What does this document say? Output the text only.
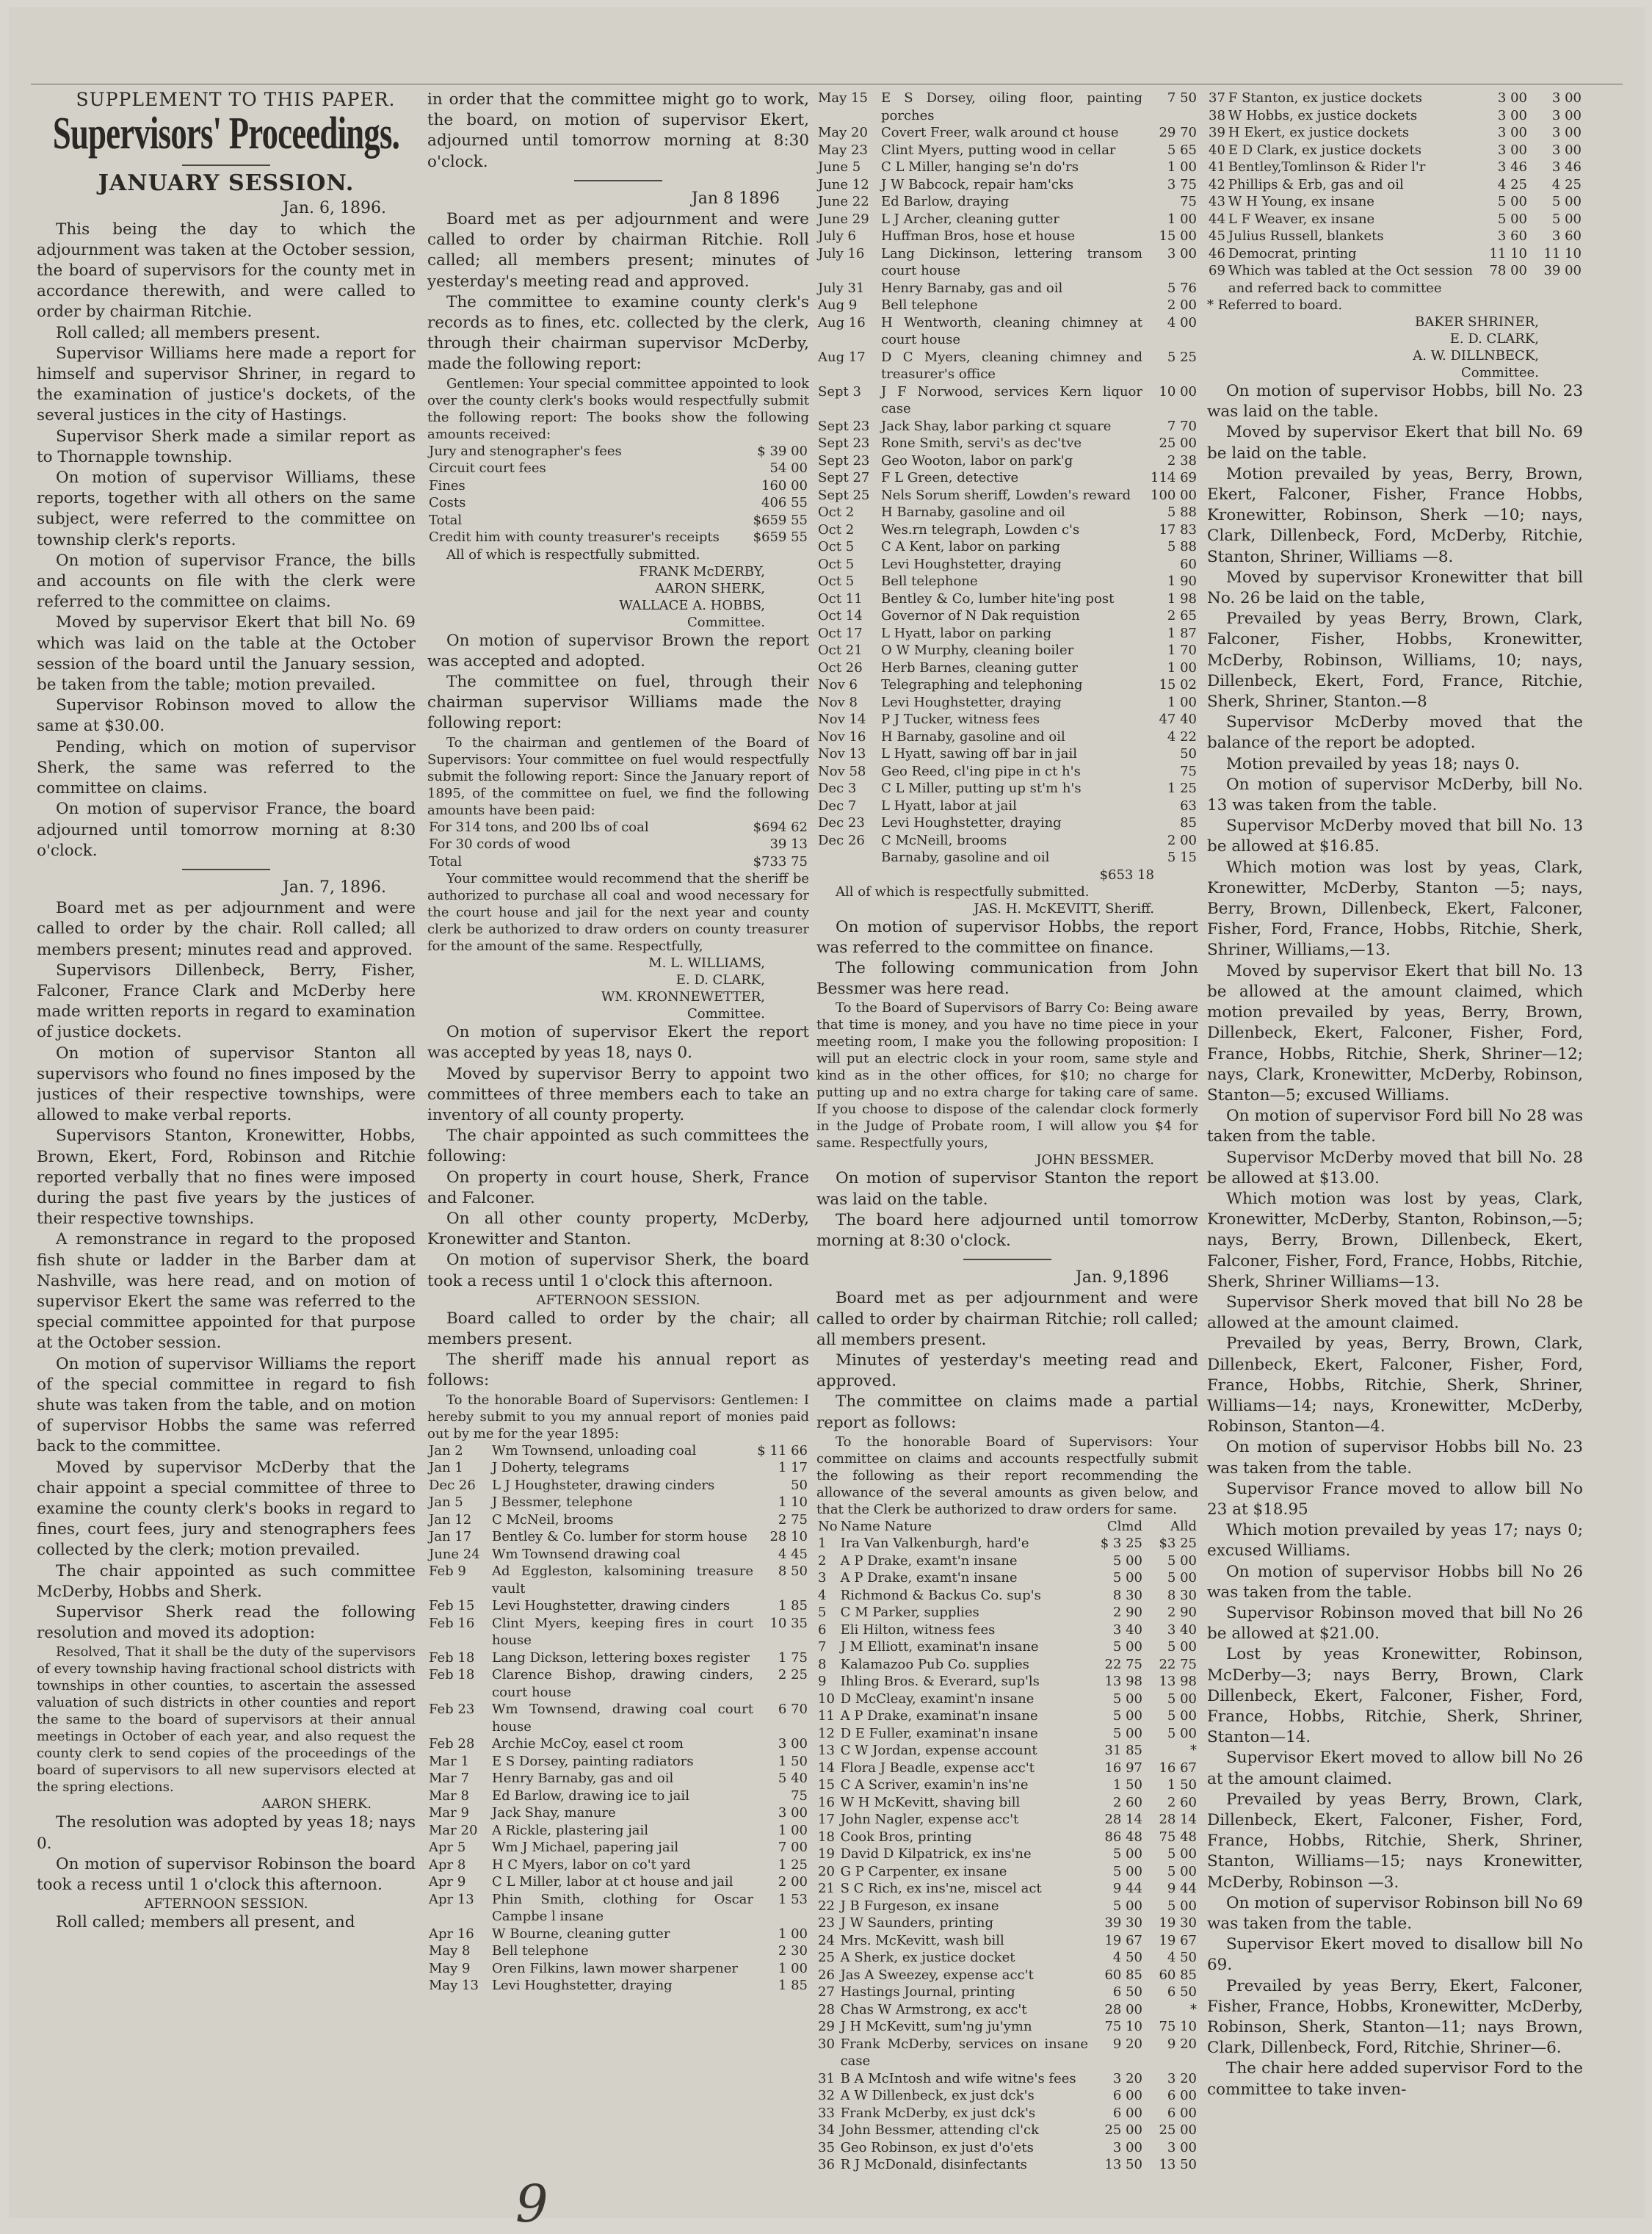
SUPPLEMENT TO THIS PAPER.

Supervisors' Proceedings.
JANUARY SESSION.

Jan. 6, 1896.

This being the day to which the adjournment was taken at the October session, the board of supervisors for the county met in accordance therewith, and were called to order by chairman Ritchie.

Roll called; all members present.

Supervisor Williams here made a report for himself and supervisor Shriner, in regard to the examination of justice's dockets, of the several justices in the city of Hastings.

Supervisor Sherk made a similar report as to Thornapple township.

On motion of supervisor Williams, these reports, together with all others on the same subject, were referred to the committee on township clerk's reports.

On motion of supervisor France, the bills and accounts on file with the clerk were referred to the committee on claims.

Moved by supervisor Ekert that bill No. 69 which was laid on the table at the October session of the board until the January session, be taken from the table; motion prevailed.

Supervisor Robinson moved to allow the same at $30.00.

Pending, which on motion of supervisor Sherk, the same was referred to the committee on claims.

On motion of supervisor France, the board adjourned until tomorrow morning at 8:30 o'clock.

Jan. 7, 1896.

Board met as per adjournment and were called to order by the chair. Roll called; all members present; minutes read and approved.

Supervisors Dillenbeck, Berry, Fisher, Falconer, France Clark and McDerby here made written reports in regard to examination of justice dockets.

On motion of supervisor Stanton all supervisors who found no fines imposed by the justices of their respective townships, were allowed to make verbal reports.

Supervisors Stanton, Kronewitter, Hobbs, Brown, Ekert, Ford, Robinson and Ritchie reported verbally that no fines were imposed during the past five years by the justices of their respective townships.

A remonstrance in regard to the proposed fish shute or ladder in the Barber dam at Nashville, was here read, and on motion of supervisor Ekert the same was referred to the special committee appointed for that purpose at the October session.

On motion of supervisor Williams the report of the special committee in regard to fish shute was taken from the table, and on motion of supervisor Hobbs the same was referred back to the committee.

Moved by supervisor McDerby that the chair appoint a special committee of three to examine the county clerk's books in regard to fines, court fees, jury and stenographers fees collected by the clerk; motion prevailed.

The chair appointed as such committee McDerby, Hobbs and Sherk.

Supervisor Sherk read the following resolution and moved its adoption:

Resolved, That it shall be the duty of the supervisors of every township having fractional school districts with townships in other counties, to ascertain the assessed valuation of such districts in other counties and report the same to the board of supervisors at their annual meetings in October of each year, and also request the county clerk to send copies of the proceedings of the board of supervisors to all new supervisors elected at the spring elections.

AARON SHERK.

The resolution was adopted by yeas 18; nays 0.

On motion of supervisor Robinson the board took a recess until 1 o'clock this afternoon.

AFTERNOON SESSION.

Roll called; members all present, and

in order that the committee might go to work, the board, on motion of supervisor Ekert, adjourned until tomorrow morning at 8:30 o'clock.

Jan 8 1896

Board met as per adjournment and were called to order by chairman Ritchie. Roll called; all members present; minutes of yesterday's meeting read and approved.

The committee to examine county clerk's records as to fines, etc. collected by the clerk, through their chairman supervisor McDerby, made the following report:

Gentlemen: Your special committee appointed to look over the county clerk's books would respectfully submit the following report: The books show the following amounts received:

Jury and stenographer's fees	$ 39 00
Circuit court fees	54 00
Fines	160 00
Costs	406 55
Total	$659 55
Credit him with county treasurer's receipts	$659 55

All of which is respectfully submitted.

FRANK McDERBY,

AARON SHERK,

WALLACE A. HOBBS,

Committee.

On motion of supervisor Brown the report was accepted and adopted.

The committee on fuel, through their chairman supervisor Williams made the following report:

To the chairman and gentlemen of the Board of Supervisors: Your committee on fuel would respectfully submit the following report: Since the January report of 1895, of the committee on fuel, we find the following amounts have been paid:

For 314 tons, and 200 lbs of coal	$694 62
For 30 cords of wood	39 13
Total	$733 75

Your committee would recommend that the sheriff be authorized to purchase all coal and wood necessary for the court house and jail for the next year and county clerk be authorized to draw orders on county treasurer for the amount of the same. Respectfully,

M. L. WILLIAMS,

E. D. CLARK,

WM. KRONNEWETTER,

Committee.

On motion of supervisor Ekert the report was accepted by yeas 18, nays 0.

Moved by supervisor Berry to appoint two committees of three members each to take an inventory of all county property.

The chair appointed as such committees the following:

On property in court house, Sherk, France and Falconer.

On all other county property, McDerby, Kronewitter and Stanton.

On motion of supervisor Sherk, the board took a recess until 1 o'clock this afternoon.

AFTERNOON SESSION.

Board called to order by the chair; all members present.

The sheriff made his annual report as follows:

To the honorable Board of Supervisors: Gentlemen: I hereby submit to you my annual report of monies paid out by me for the year 1895:

Jan 2	Wm Townsend, unloading coal	$ 11 66
Jan 1	J Doherty, telegrams	1 17
Dec 26	L J Houghsteter, drawing cinders	50
Jan 5	J Bessmer, telephone	1 10
Jan 12	C McNeil, brooms	2 75
Jan 17	Bentley & Co. lumber for storm house	28 10
June 24	Wm Townsend drawing coal	4 45
Feb 9	Ad Eggleston, kalsomining treasure vault	8 50
Feb 15	Levi Houghstetter, drawing cinders	1 85
Feb 16	Clint Myers, keeping fires in court house	10 35
Feb 18	Lang Dickson, lettering boxes register	1 75
Feb 18	Clarence Bishop, drawing cinders, court house	2 25
Feb 23	Wm Townsend, drawing coal court house	6 70
Feb 28	Archie McCoy, easel ct room	3 00
Mar 1	E S Dorsey, painting radiators	1 50
Mar 7	Henry Barnaby, gas and oil	5 40
Mar 8	Ed Barlow, drawing ice to jail	75
Mar 9	Jack Shay, manure	3 00
Mar 20	A Rickle, plastering jail	1 00
Apr 5	Wm J Michael, papering jail	7 00
Apr 8	H C Myers, labor on co't yard	1 25
Apr 9	C L Miller, labor at ct house and jail	2 00
Apr 13	Phin Smith, clothing for Oscar Campbe l insane	1 53
Apr 16	W Bourne, cleaning gutter	1 00
May 8	Bell telephone	2 30
May 9	Oren Filkins, lawn mower sharpener	1 00
May 13	Levi Houghstetter, draying	1 85
May 15	E S Dorsey, oiling floor, painting porches	7 50
May 20	Covert Freer, walk around ct house	29 70
May 23	Clint Myers, putting wood in cellar	5 65
June 5	C L Miller, hanging se'n do'rs	1 00
June 12	J W Babcock, repair ham'cks	3 75
June 22	Ed Barlow, draying	75
June 29	L J Archer, cleaning gutter	1 00
July 6	Huffman Bros, hose et house	15 00
July 16	Lang Dickinson, lettering transom court house	3 00
July 31	Henry Barnaby, gas and oil	5 76
Aug 9	Bell telephone	2 00
Aug 16	H Wentworth, cleaning chimney at court house	4 00
Aug 17	D C Myers, cleaning chimney and treasurer's office	5 25
Sept 3	J F Norwood, services Kern liquor case	10 00
Sept 23	Jack Shay, labor parking ct square	7 70
Sept 23	Rone Smith, servi's as dec'tve	25 00
Sept 23	Geo Wooton, labor on park'g	2 38
Sept 27	F L Green, detective	114 69
Sept 25	Nels Sorum sheriff, Lowden's reward	100 00
Oct 2	H Barnaby, gasoline and oil	5 88
Oct 2	Wes.rn telegraph, Lowden c's	17 83
Oct 5	C A Kent, labor on parking	5 88
Oct 5	Levi Houghstetter, draying	60
Oct 5	Bell telephone	1 90
Oct 11	Bentley & Co, lumber hite'ing post	1 98
Oct 14	Governor of N Dak requistion	2 65
Oct 17	L Hyatt, labor on parking	1 87
Oct 21	O W Murphy, cleaning boiler	1 70
Oct 26	Herb Barnes, cleaning gutter	1 00
Nov 6	Telegraphing and telephoning	15 02
Nov 8	Levi Houghstetter, draying	1 00
Nov 14	P J Tucker, witness fees	47 40
Nov 16	H Barnaby, gasoline and oil	4 22
Nov 13	L Hyatt, sawing off bar in jail	50
Nov 58	Geo Reed, cl'ing pipe in ct h's	75
Dec 3	C L Miller, putting up st'm h's	1 25
Dec 7	L Hyatt, labor at jail	63
Dec 23	Levi Houghstetter, draying	85
Dec 26	C McNeill, brooms	2 00
	Barnaby, gasoline and oil	5 15

$653 18

All of which is respectfully submitted.

JAS. H. McKEVITT, Sheriff.

On motion of supervisor Hobbs, the report was referred to the committee on finance.

The following communication from John Bessmer was here read.

To the Board of Supervisors of Barry Co: Being aware that time is money, and you have no time piece in your meeting room, I make you the following proposition: I will put an electric clock in your room, same style and kind as in the other offices, for $10; no charge for putting up and no extra charge for taking care of same. If you choose to dispose of the calendar clock formerly in the Judge of Probate room, I will allow you $4 for same. Respectfully yours,

JOHN BESSMER.

On motion of supervisor Stanton the report was laid on the table.

The board here adjourned until tomorrow morning at 8:30 o'clock.

Jan. 9,1896

Board met as per adjournment and were called to order by chairman Ritchie; roll called; all members present.

Minutes of yesterday's meeting read and approved.

The committee on claims made a partial report as follows:

To the honorable Board of Supervisors: Your committee on claims and accounts respectfully submit the following as their report recommending the allowance of the several amounts as given below, and that the Clerk be authorized to draw orders for same.

No	Name Nature	Clmd	Alld
1	Ira Van Valkenburgh, hard'e	$ 3 25	$3 25
2	A P Drake, examt'n insane	5 00	5 00
3	A P Drake, examt'n insane	5 00	5 00
4	Richmond & Backus Co. sup's	8 30	8 30
5	C M Parker, supplies	2 90	2 90
6	Eli Hilton, witness fees	3 40	3 40
7	J M Elliott, examinat'n insane	5 00	5 00
8	Kalamazoo Pub Co. supplies	22 75	22 75
9	Ihling Bros. & Everard, sup'ls	13 98	13 98
10	D McCleay, examint'n insane	5 00	5 00
11	A P Drake, examinat'n insane	5 00	5 00
12	D E Fuller, examinat'n insane	5 00	5 00
13	C W Jordan, expense account	31 85	*
14	Flora J Beadle, expense acc't	16 97	16 67
15	C A Scriver, examin'n ins'ne	1 50	1 50
16	W H McKevitt, shaving bill	2 60	2 60
17	John Nagler, expense acc't	28 14	28 14
18	Cook Bros, printing	86 48	75 48
19	David D Kilpatrick, ex ins'ne	5 00	5 00
20	G P Carpenter, ex insane	5 00	5 00
21	S C Rich, ex ins'ne, miscel act	9 44	9 44
22	J B Furgeson, ex insane	5 00	5 00
23	J W Saunders, printing	39 30	19 30
24	Mrs. McKevitt, wash bill	19 67	19 67
25	A Sherk, ex justice docket	4 50	4 50
26	Jas A Sweezey, expense acc't	60 85	60 85
27	Hastings Journal, printing	6 50	6 50
28	Chas W Armstrong, ex acc't	28 00	*
29	J H McKevitt, sum'ng ju'ymn	75 10	75 10
30	Frank McDerby, services on insane case	9 20	9 20
31	B A McIntosh and wife witne's fees	3 20	3 20
32	A W Dillenbeck, ex just dck's	6 00	6 00
33	Frank McDerby, ex just dck's	6 00	6 00
34	John Bessmer, attending cl'ck	25 00	25 00
35	Geo Robinson, ex just d'o'ets	3 00	3 00
36	R J McDonald, disinfectants	13 50	13 50
37	F Stanton, ex justice dockets	3 00	3 00
38	W Hobbs, ex justice dockets	3 00	3 00
39	H Ekert, ex justice dockets	3 00	3 00
40	E D Clark, ex justice dockets	3 00	3 00
41	Bentley,Tomlinson & Rider l'r	3 46	3 46
42	Phillips & Erb, gas and oil	4 25	4 25
43	W H Young, ex insane	5 00	5 00
44	L F Weaver, ex insane	5 00	5 00
45	Julius Russell, blankets	3 60	3 60
46	Democrat, printing	11 10	11 10
69	Which was tabled at the Oct session and referred back to committee	78 00	39 00

* Referred to board.

BAKER SHRINER,

E. D. CLARK,

A. W. DILLNBECK,

Committee.

On motion of supervisor Hobbs, bill No. 23 was laid on the table.

Moved by supervisor Ekert that bill No. 69 be laid on the table.

Motion prevailed by yeas, Berry, Brown, Ekert, Falconer, Fisher, France Hobbs, Kronewitter, Robinson, Sherk —10; nays, Clark, Dillenbeck, Ford, McDerby, Ritchie, Stanton, Shriner, Williams —8.

Moved by supervisor Kronewitter that bill No. 26 be laid on the table,

Prevailed by yeas Berry, Brown, Clark, Falconer, Fisher, Hobbs, Kronewitter, McDerby, Robinson, Williams, 10; nays, Dillenbeck, Ekert, Ford, France, Ritchie, Sherk, Shriner, Stanton.—8

Supervisor McDerby moved that the balance of the report be adopted.

Motion prevailed by yeas 18; nays 0.

On motion of supervisor McDerby, bill No. 13 was taken from the table.

Supervisor McDerby moved that bill No. 13 be allowed at $16.85.

Which motion was lost by yeas, Clark, Kronewitter, McDerby, Stanton —5; nays, Berry, Brown, Dillenbeck, Ekert, Falconer, Fisher, Ford, France, Hobbs, Ritchie, Sherk, Shriner, Williams,—13.

Moved by supervisor Ekert that bill No. 13 be allowed at the amount claimed, which motion prevailed by yeas, Berry, Brown, Dillenbeck, Ekert, Falconer, Fisher, Ford, France, Hobbs, Ritchie, Sherk, Shriner—12; nays, Clark, Kronewitter, McDerby, Robinson, Stanton—5; excused Williams.

On motion of supervisor Ford bill No 28 was taken from the table.

Supervisor McDerby moved that bill No. 28 be allowed at $13.00.

Which motion was lost by yeas, Clark, Kronewitter, McDerby, Stanton, Robinson,—5; nays, Berry, Brown, Dillenbeck, Ekert, Falconer, Fisher, Ford, France, Hobbs, Ritchie, Sherk, Shriner Williams—13.

Supervisor Sherk moved that bill No 28 be allowed at the amount claimed.

Prevailed by yeas, Berry, Brown, Clark, Dillenbeck, Ekert, Falconer, Fisher, Ford, France, Hobbs, Ritchie, Sherk, Shriner, Williams—14; nays, Kronewitter, McDerby, Robinson, Stanton—4.

On motion of supervisor Hobbs bill No. 23 was taken from the table.

Supervisor France moved to allow bill No 23 at $18.95

Which motion prevailed by yeas 17; nays 0; excused Williams.

On motion of supervisor Hobbs bill No 26 was taken from the table.

Supervisor Robinson moved that bill No 26 be allowed at $21.00.

Lost by yeas Kronewitter, Robinson, McDerby—3; nays Berry, Brown, Clark Dillenbeck, Ekert, Falconer, Fisher, Ford, France, Hobbs, Ritchie, Sherk, Shriner, Stanton—14.

Supervisor Ekert moved to allow bill No 26 at the amount claimed.

Prevailed by yeas Berry, Brown, Clark, Dillenbeck, Ekert, Falconer, Fisher, Ford, France, Hobbs, Ritchie, Sherk, Shriner, Stanton, Williams—15; nays Kronewitter, McDerby, Robinson —3.

On motion of supervisor Robinson bill No 69 was taken from the table.

Supervisor Ekert moved to disallow bill No 69.

Prevailed by yeas Berry, Ekert, Falconer, Fisher, France, Hobbs, Kronewitter, McDerby, Robinson, Sherk, Stanton—11; nays Brown, Clark, Dillenbeck, Ford, Ritchie, Shriner—6.

The chair here added supervisor Ford to the committee to take inven-

9
